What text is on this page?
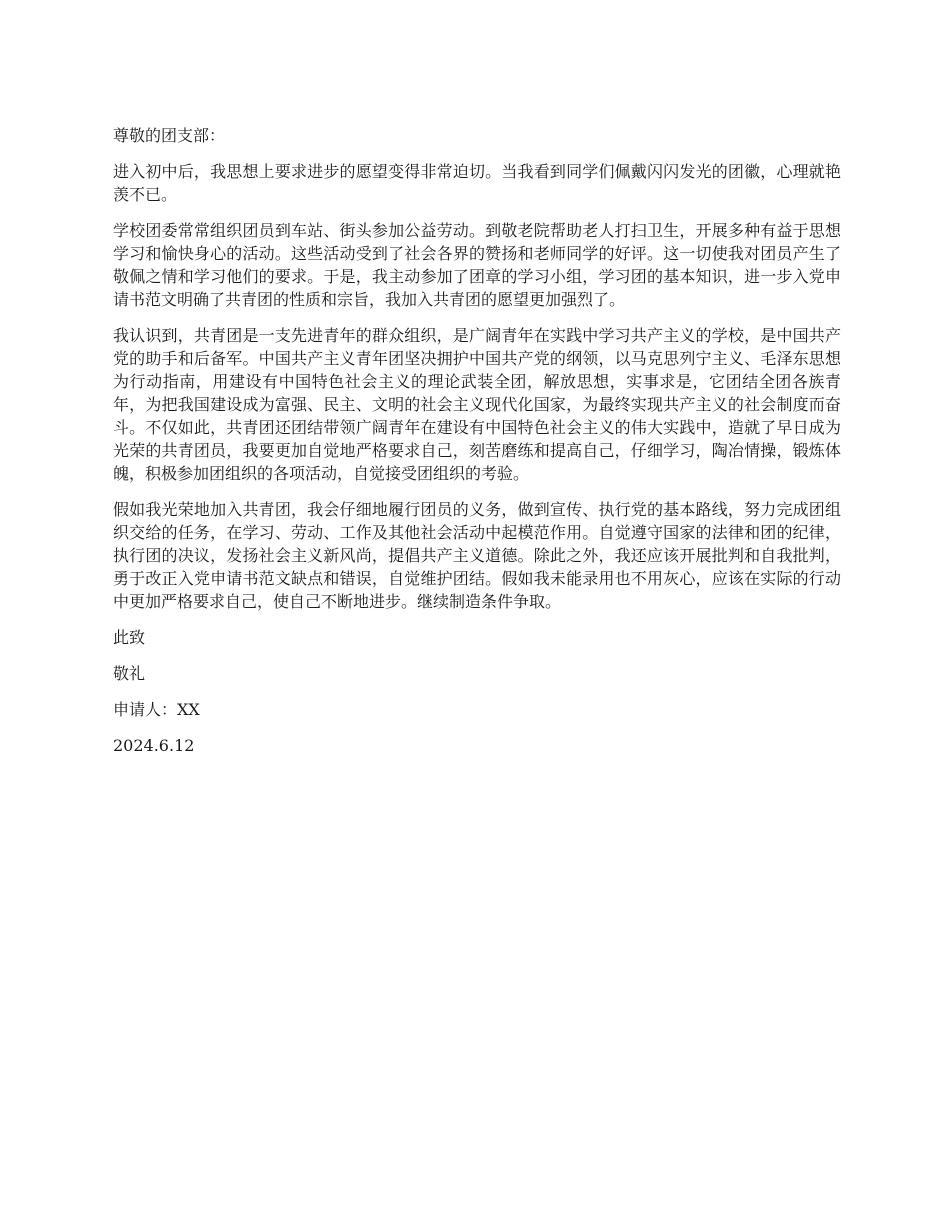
尊敬的团支部：

进入初中后，我思想上要求进步的愿望变得非常迫切。当我看到同学们佩戴闪闪发光的团徽，心理就艳羡不已。

学校团委常常组织团员到车站、街头参加公益劳动。到敬老院帮助老人打扫卫生，开展多种有益于思想学习和愉快身心的活动。这些活动受到了社会各界的赞扬和老师同学的好评。这一切使我对团员产生了敬佩之情和学习他们的要求。于是，我主动参加了团章的学习小组，学习团的基本知识，进一步入党申请书范文明确了共青团的性质和宗旨，我加入共青团的愿望更加强烈了。

我认识到，共青团是一支先进青年的群众组织，是广阔青年在实践中学习共产主义的学校，是中国共产党的助手和后备军。中国共产主义青年团坚决拥护中国共产党的纲领，以马克思列宁主义、毛泽东思想为行动指南，用建设有中国特色社会主义的理论武装全团，解放思想，实事求是，它团结全团各族青年，为把我国建设成为富强、民主、文明的社会主义现代化国家，为最终实现共产主义的社会制度而奋斗。不仅如此，共青团还团结带领广阔青年在建设有中国特色社会主义的伟大实践中，造就了早日成为光荣的共青团员，我要更加自觉地严格要求自己，刻苦磨练和提高自己，仔细学习，陶冶情操，锻炼体魄，积极参加团组织的各项活动，自觉接受团组织的考验。

假如我光荣地加入共青团，我会仔细地履行团员的义务，做到宣传、执行党的基本路线，努力完成团组织交给的任务，在学习、劳动、工作及其他社会活动中起模范作用。自觉遵守国家的法律和团的纪律，执行团的决议，发扬社会主义新风尚，提倡共产主义道德。除此之外，我还应该开展批判和自我批判，勇于改正入党申请书范文缺点和错误，自觉维护团结。假如我未能录用也不用灰心，应该在实际的行动中更加严格要求自己，使自己不断地进步。继续制造条件争取。

此致

敬礼

申请人：XX

2024.6.12
